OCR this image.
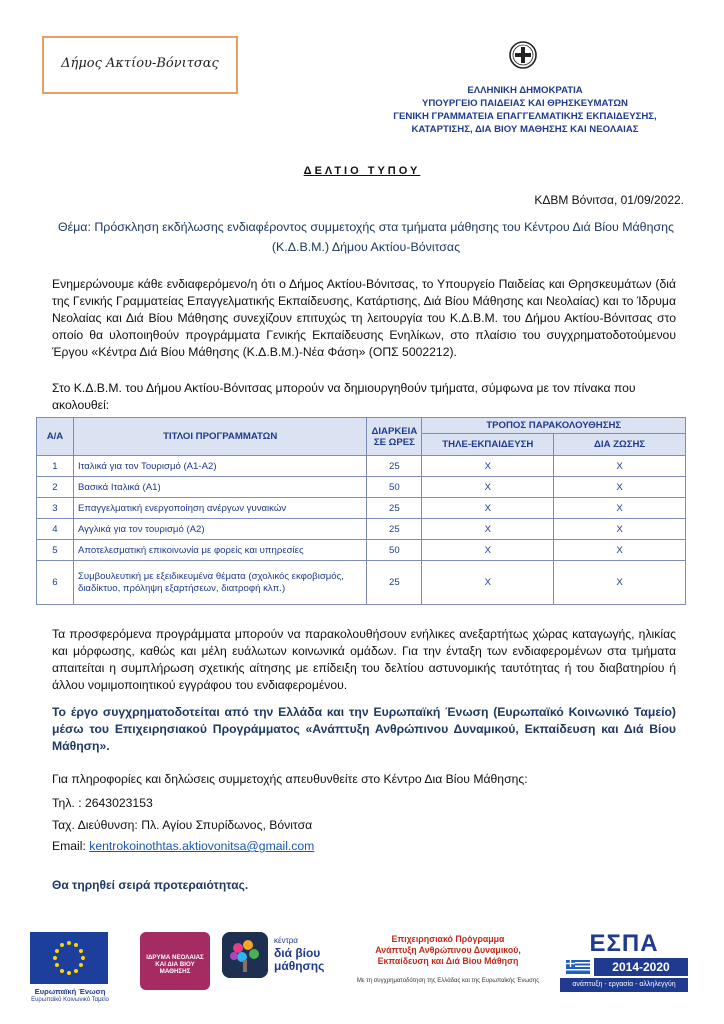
Δήμος Ακτίου-Βόνιτσας
ΕΛΛΗΝΙΚΗ ΔΗΜΟΚΡΑΤΙΑ
ΥΠΟΥΡΓΕΙΟ ΠΑΙΔΕΙΑΣ ΚΑΙ ΘΡΗΣΚΕΥΜΑΤΩΝ
ΓΕΝΙΚΗ ΓΡΑΜΜΑΤΕΙΑ ΕΠΑΓΓΕΛΜΑΤΙΚΗΣ ΕΚΠΑΙΔΕΥΣΗΣ,
ΚΑΤΑΡΤΙΣΗΣ, ΔΙΑ ΒΙΟΥ ΜΑΘΗΣΗΣ ΚΑΙ ΝΕΟΛΑΙΑΣ
ΔΕΛΤΙΟ ΤΥΠΟΥ
ΚΔΒΜ Βόνιτσα, 01/09/2022.
Θέμα: Πρόσκληση εκδήλωσης ενδιαφέροντος συμμετοχής στα τμήματα μάθησης του Κέντρου Διά Βίου Μάθησης (Κ.Δ.Β.Μ.) Δήμου Ακτίου-Βόνιτσας
Ενημερώνουμε κάθε ενδιαφερόμενο/η ότι ο Δήμος Ακτίου-Βόνιτσας, το Υπουργείο Παιδείας και Θρησκευμάτων (διά της Γενικής Γραμματείας Επαγγελματικής Εκπαίδευσης, Κατάρτισης, Διά Βίου Μάθησης και Νεολαίας) και το Ίδρυμα Νεολαίας και Διά Βίου Μάθησης συνεχίζουν επιτυχώς τη λειτουργία του Κ.Δ.Β.Μ. του Δήμου Ακτίου-Βόνιτσας στο οποίο θα υλοποιηθούν προγράμματα Γενικής Εκπαίδευσης Ενηλίκων, στο πλαίσιο του συγχρηματοδοτούμενου Έργου «Κέντρα Διά Βίου Μάθησης (Κ.Δ.Β.Μ.)-Νέα Φάση» (ΟΠΣ 5002212).
Στο Κ.Δ.Β.Μ. του Δήμου Ακτίου-Βόνιτσας μπορούν να δημιουργηθούν τμήματα, σύμφωνα με τον πίνακα που ακολουθεί:
Α/Α	ΤΙΤΛΟΙ ΠΡΟΓΡΑΜΜΑΤΩΝ	ΔΙΑΡΚΕΙΑ ΣΕ ΩΡΕΣ	ΤΡΟΠΟΣ ΠΑΡΑΚΟΛΟΥΘΗΣΗΣ	
			ΤΗΛΕ-ΕΚΠΑΙΔΕΥΣΗ	ΔΙΑ ΖΩΣΗΣ
1	Ιταλικά για τον Τουρισμό (Α1-Α2)	25	Χ	Χ
2	Βασικά Ιταλικά (Α1)	50	Χ	Χ
3	Επαγγελματική ενεργοποίηση ανέργων γυναικών	25	Χ	Χ
4	Αγγλικά για τον τουρισμό (Α2)	25	Χ	Χ
5	Αποτελεσματική επικοινωνία με φορείς και υπηρεσίες	50	Χ	Χ
6	Συμβουλευτική με εξειδικευμένα θέματα (σχολικός εκφοβισμός, διαδίκτυο, πρόληψη εξαρτήσεων, διατροφή κλπ.)	25	Χ	Χ
Τα προσφερόμενα προγράμματα μπορούν να παρακολουθήσουν ενήλικες ανεξαρτήτως χώρας καταγωγής, ηλικίας και μόρφωσης, καθώς και μέλη ευάλωτων κοινωνικά ομάδων. Για την ένταξη των ενδιαφερομένων στα τμήματα απαιτείται η συμπλήρωση σχετικής αίτησης με επίδειξη του δελτίου αστυνομικής ταυτότητας ή του διαβατηρίου ή άλλου νομιμοποιητικού εγγράφου του ενδιαφερομένου.
Το έργο συγχρηματοδοτείται από την Ελλάδα και την Ευρωπαϊκή Ένωση (Ευρωπαϊκό Κοινωνικό Ταμείο) μέσω του Επιχειρησιακού Προγράμματος «Ανάπτυξη Ανθρώπινου Δυναμικού, Εκπαίδευση και Διά Βίου Μάθηση».
Για πληροφορίες και δηλώσεις συμμετοχής απευθυνθείτε στο Κέντρο Δια Βίου Μάθησης:
Τηλ. : 2643023153
Ταχ. Διεύθυνση: Πλ. Αγίου Σπυρίδωνος, Βόνιτσα
Email: kentrokoinothtas.aktiovonitsa@gmail.com
Θα τηρηθεί σειρά προτεραιότητας.
Ευρωπαϊκή Ένωση
Ευρωπαϊκό Κοινωνικό Ταμείο
ΙΔΡΥΜΑ ΝΕΟΛΑΙΑΣ ΚΑΙ ΔΙΑ ΒΙΟΥ ΜΑΘΗΣΗΣ
κέντρα
διά βίου
μάθησης
Επιχειρησιακό Πρόγραμμα
Ανάπτυξη Ανθρώπινου Δυναμικού,
Εκπαίδευση και Διά Βίου Μάθηση
Με τη συγχρηματοδότηση της Ελλάδας και της Ευρωπαϊκής Ένωσης
ΕΣΠΑ
2014-2020
ανάπτυξη - εργασία - αλληλεγγύη
